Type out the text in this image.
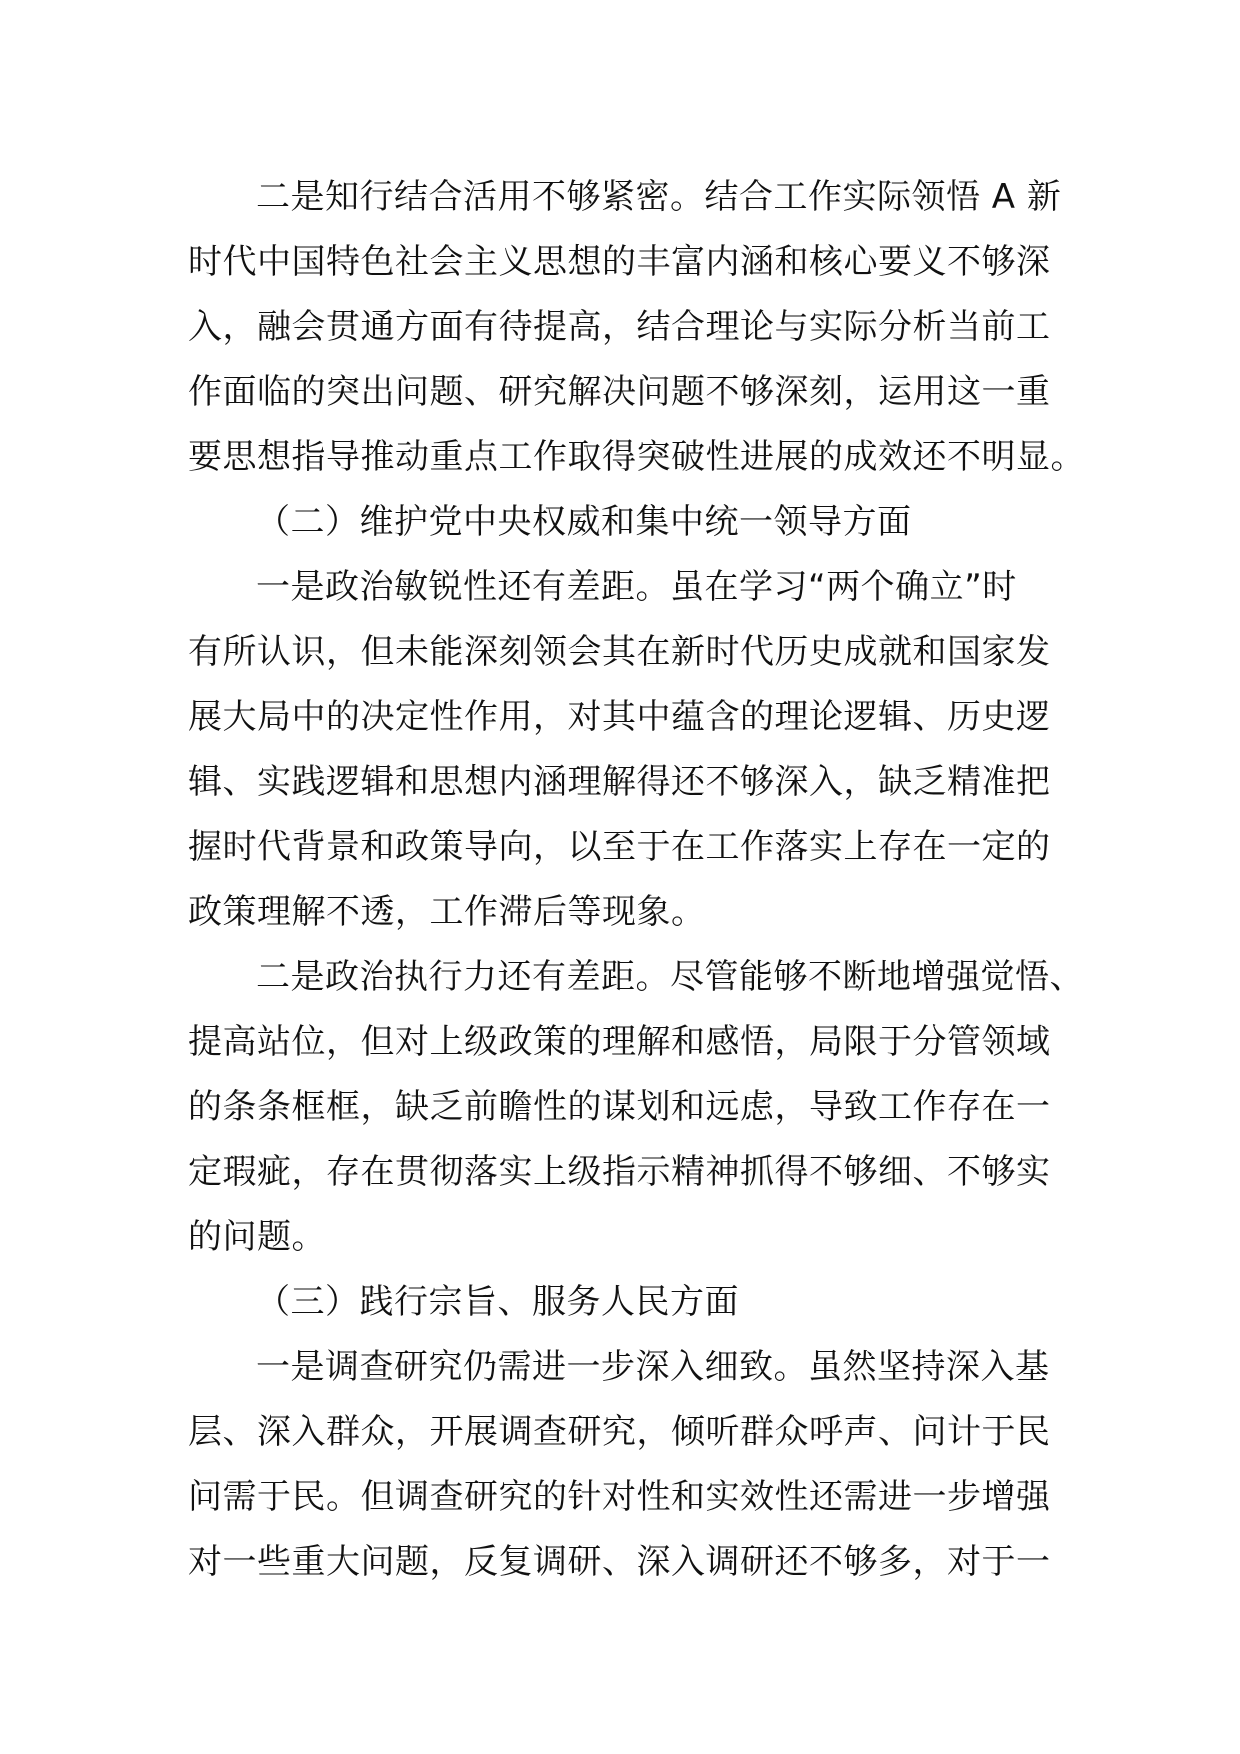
二是知行结合活用不够紧密。结合工作实际领悟 A 新
时代中国特色社会主义思想的丰富内涵和核心要义不够深
入，融会贯通方面有待提高，结合理论与实际分析当前工
作面临的突出问题、研究解决问题不够深刻，运用这一重
要思想指导推动重点工作取得突破性进展的成效还不明显。
（二）维护党中央权威和集中统一领导方面
一是政治敏锐性还有差距。虽在学习“两个确立”时
有所认识，但未能深刻领会其在新时代历史成就和国家发
展大局中的决定性作用，对其中蕴含的理论逻辑、历史逻
辑、实践逻辑和思想内涵理解得还不够深入，缺乏精准把
握时代背景和政策导向，以至于在工作落实上存在一定的
政策理解不透，工作滞后等现象。
二是政治执行力还有差距。尽管能够不断地增强觉悟、
提高站位，但对上级政策的理解和感悟，局限于分管领域
的条条框框，缺乏前瞻性的谋划和远虑，导致工作存在一
定瑕疵，存在贯彻落实上级指示精神抓得不够细、不够实
的问题。
（三）践行宗旨、服务人民方面
一是调查研究仍需进一步深入细致。虽然坚持深入基
层、深入群众，开展调查研究，倾听群众呼声、问计于民
问需于民。但调查研究的针对性和实效性还需进一步增强
对一些重大问题，反复调研、深入调研还不够多，对于一
